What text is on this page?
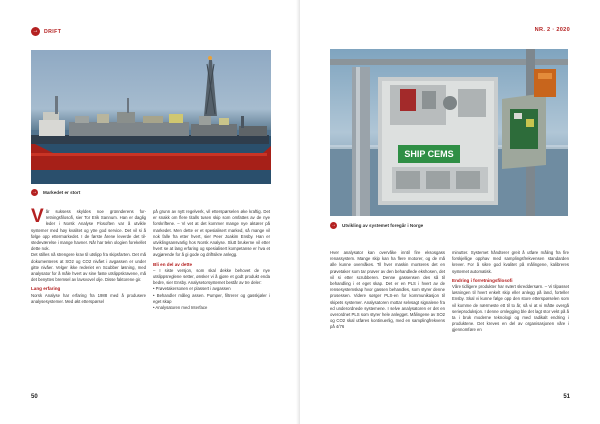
→ DRIFT
→ Markedet er stort
V år suksess skyldes noe grünnderens forretningsfilosofi, sier Tor Erik Sannum. Han er daglig leder i Norsk Analyse Flosoften var å utvikle systemer med høy kvalitet og ytre god service. Det vil si å følge opp ettermarkedet. I de første årene leverde det tilstedeværelse i mange havner. Når har tekn ologien forekellet dette nok.

Det stilles nå strengere krav til utslipp fra skipsfarten. Det må dokumenteres at SO2 og CO2 nivået i avgassen er under gitte nivåer. Velger ikke rederiet en Scubber løsning, med analysator for å måle hvert av sine faste utslippskravene, må det benyttes bremsel av lavsvovel olje. Disse faktorene gir.

Lang erfaring

Norsk Analyse har erfaring fra 1988 med å produsere analysesystemer. Med økt etterspørsel

på grunn av nytt regelverk, vil etterspørselen øke kraftig. Det er snakk om flere titalls tusen skip som omfattes av de nye forskriftene. – Vi vet at det kommer mange nye aktører på markedet. Men dette er et spesialisert marked, så mange vil nok falle fra etter hvert, sier Peer Joakim Ensby. Han er utviklingsansvarlig hos Norsk Analyse. Slutt brukerne vil etter hvert se at lang erfaring og spesialisert kompetanse er hva et avgjørende for å gi gode og driftsikre anlegg.

Bli en del av dette

– I siste versjon, som skal dekke behovet de nye utslippsreglene setter, ønsker vi å gjøre et godt produkt enda bedre, sier Ensby. Analysetorsystemet består av tre deler:

• Prøvetakersonen er plassert i avgassen

• Behandler måleg assen. Pumper, filtrerer og gasskjøler i eget skap

• Analysatoren med Interface

50
NR. 2 · 2020
SHIP CEMS
→ Utvikling av systemet foregår i Norge

Hver analysator kan overvåke inntil fire eksosgass renassystem. Mange skip kan ha flere motorer, og de må alle kunne overvåkes. Til hver maskin monteres det en prøvetaker som tar prøver av den behandlede ekshosen, det vil si etter scrubberen. Denne gassensen des så til behandling i et eget skap. Det er en PLS i hvert av de rensesystemskap hvor gassen behandles, som styrer denne prosessen. Videre sørger PLS-en for kommunikasjon til skipets systemer. Analysatoren mottar selvsagt signalene fra ed underordnede systemene. I selve analysatoren er det en overordnet PLS som styrer hele anlegget. Målingene av SO2 og CO2 skal utføres kontinuerlig, med en samplingfrekvens på 4/76

minutter. Systemet håndterer greit å utføre måling fra fire forskjellige opphav med samplingsfrekvensen standarden krever. For å sikre god kvalitet på målingene, kalibreres systemet automatisk.

Endring i forretningsfilosofi

Våre tidligere produkter har svært skreddersørn. – Vi tilpasset løsningen til hvert enkelt skip eller anlegg på land, forteller Ensby. Skal vi kunne følge opp den store etterspørselen som vil komme de nærmeste ett til to år, så vi at vi måtte overgå serieproduksjon. I denne omlegging ble det lagt stor vekt på å ta i bruk moderne teknologi og med radikalt endring i produktene. Det kreves en del av organisasjonen våre i gjennomføre en

51
